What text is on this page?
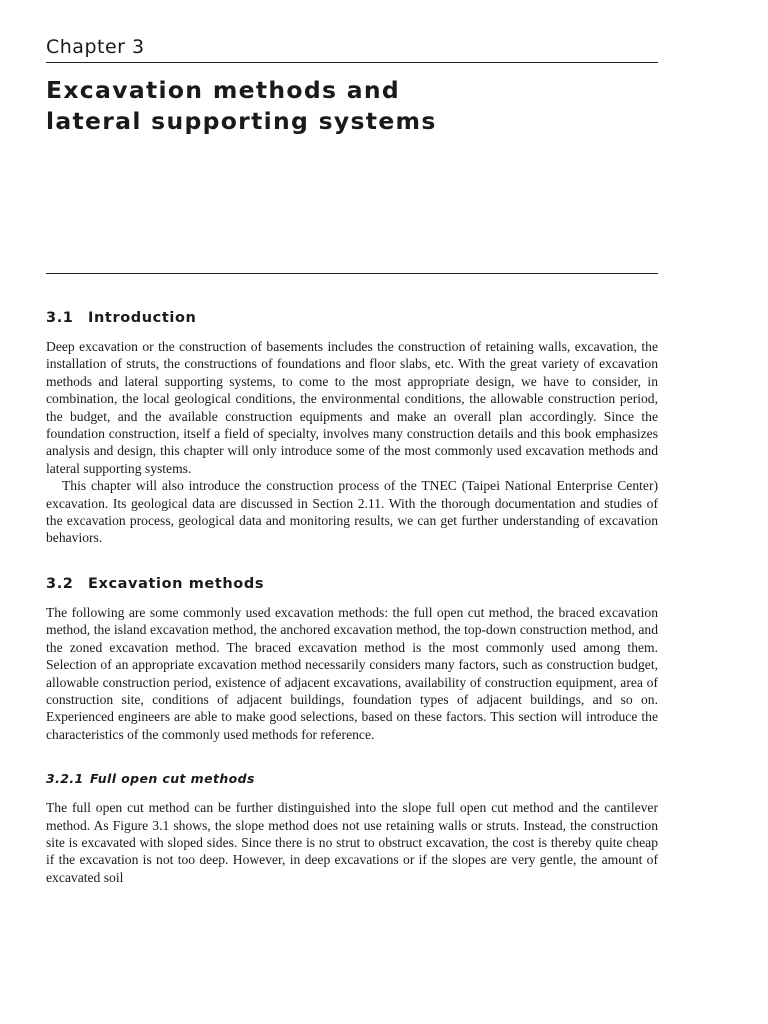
Chapter 3
Excavation methods and
lateral supporting systems
3.1 Introduction

Deep excavation or the construction of basements includes the construction of retaining walls, excavation, the installation of struts, the constructions of foundations and floor slabs, etc. With the great variety of excavation methods and lateral supporting systems, to come to the most appropriate design, we have to consider, in combination, the local geological conditions, the environmental conditions, the allowable construction period, the budget, and the available construction equipments and make an overall plan accordingly. Since the foundation construction, itself a field of specialty, involves many construction details and this book emphasizes analysis and design, this chapter will only introduce some of the most commonly used excavation methods and lateral supporting systems.

This chapter will also introduce the construction process of the TNEC (Taipei National Enterprise Center) excavation. Its geological data are discussed in Section 2.11. With the thorough documentation and studies of the excavation process, geological data and monitoring results, we can get further understanding of excavation behaviors.

3.2 Excavation methods

The following are some commonly used excavation methods: the full open cut method, the braced excavation method, the island excavation method, the anchored excavation method, the top-down construction method, and the zoned excavation method. The braced excavation method is the most commonly used among them. Selection of an appropriate excavation method necessarily considers many factors, such as construction budget, allowable construction period, existence of adjacent excavations, availability of construction equipment, area of construction site, conditions of adjacent buildings, foundation types of adjacent buildings, and so on. Experienced engineers are able to make good selections, based on these factors. This section will introduce the characteristics of the commonly used methods for reference.

3.2.1 Full open cut methods

The full open cut method can be further distinguished into the slope full open cut method and the cantilever method. As Figure 3.1 shows, the slope method does not use retaining walls or struts. Instead, the construction site is excavated with sloped sides. Since there is no strut to obstruct excavation, the cost is thereby quite cheap if the excavation is not too deep. However, in deep excavations or if the slopes are very gentle, the amount of excavated soil
